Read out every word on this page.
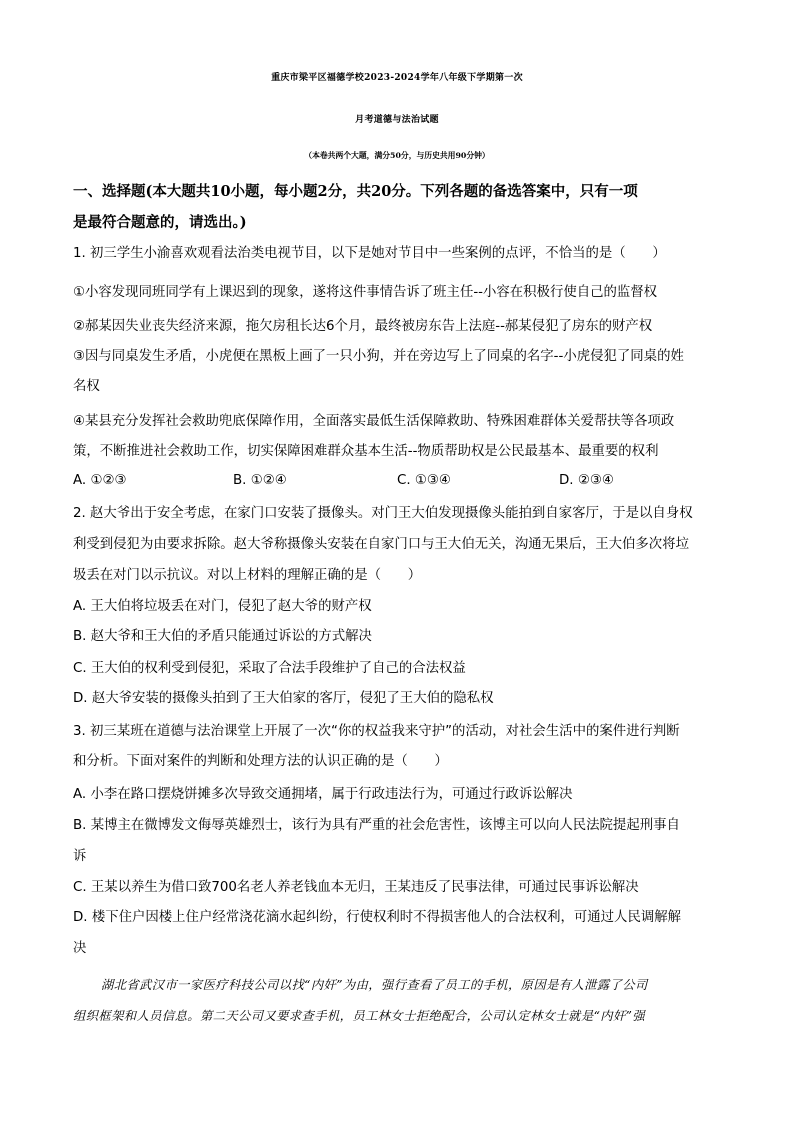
重庆市梁平区福德学校2023-2024学年八年级下学期第一次
月考道德与法治试题
（本卷共两个大题，满分50分，与历史共用90分钟）
一、选择题(本大题共10小题，每小题2分，共20分。下列各题的备选答案中，只有一项
是最符合题意的，请选出。)
1. 初三学生小渝喜欢观看法治类电视节目，以下是她对节目中一些案例的点评，不恰当的是（　　）
①小容发现同班同学有上课迟到的现象，遂将这件事情告诉了班主任--小容在积极行使自己的监督权
②郝某因失业丧失经济来源，拖欠房租长达6个月，最终被房东告上法庭--郝某侵犯了房东的财产权
③因与同桌发生矛盾，小虎便在黑板上画了一只小狗，并在旁边写上了同桌的名字--小虎侵犯了同桌的姓
名权
④某县充分发挥社会救助兜底保障作用，全面落实最低生活保障救助、特殊困难群体关爱帮扶等各项政
策，不断推进社会救助工作，切实保障困难群众基本生活--物质帮助权是公民最基本、最重要的权利
A. ①②③	B. ①②④	C. ①③④	D. ②③④
2. 赵大爷出于安全考虑，在家门口安装了摄像头。对门王大伯发现摄像头能拍到自家客厅，于是以自身权
利受到侵犯为由要求拆除。赵大爷称摄像头安装在自家门口与王大伯无关，沟通无果后，王大伯多次将垃
圾丢在对门以示抗议。对以上材料的理解正确的是（　　）
A. 王大伯将垃圾丢在对门，侵犯了赵大爷的财产权
B. 赵大爷和王大伯的矛盾只能通过诉讼的方式解决
C. 王大伯的权利受到侵犯，采取了合法手段维护了自己的合法权益
D. 赵大爷安装的摄像头拍到了王大伯家的客厅，侵犯了王大伯的隐私权
3. 初三某班在道德与法治课堂上开展了一次“你的权益我来守护”的活动，对社会生活中的案件进行判断
和分析。下面对案件的判断和处理方法的认识正确的是（　　）
A. 小李在路口摆烧饼摊多次导致交通拥堵，属于行政违法行为，可通过行政诉讼解决
B. 某博主在微博发文侮辱英雄烈士，该行为具有严重的社会危害性，该博主可以向人民法院提起刑事自
诉
C. 王某以养生为借口致700名老人养老钱血本无归，王某违反了民事法律，可通过民事诉讼解决
D. 楼下住户因楼上住户经常浇花滴水起纠纷，行使权利时不得损害他人的合法权利，可通过人民调解解
决
湖北省武汉市一家医疗科技公司以找“内奸”为由，强行查看了员工的手机，原因是有人泄露了公司
组织框架和人员信息。第二天公司又要求查手机，员工林女士拒绝配合，公司认定林女士就是“内奸”强
